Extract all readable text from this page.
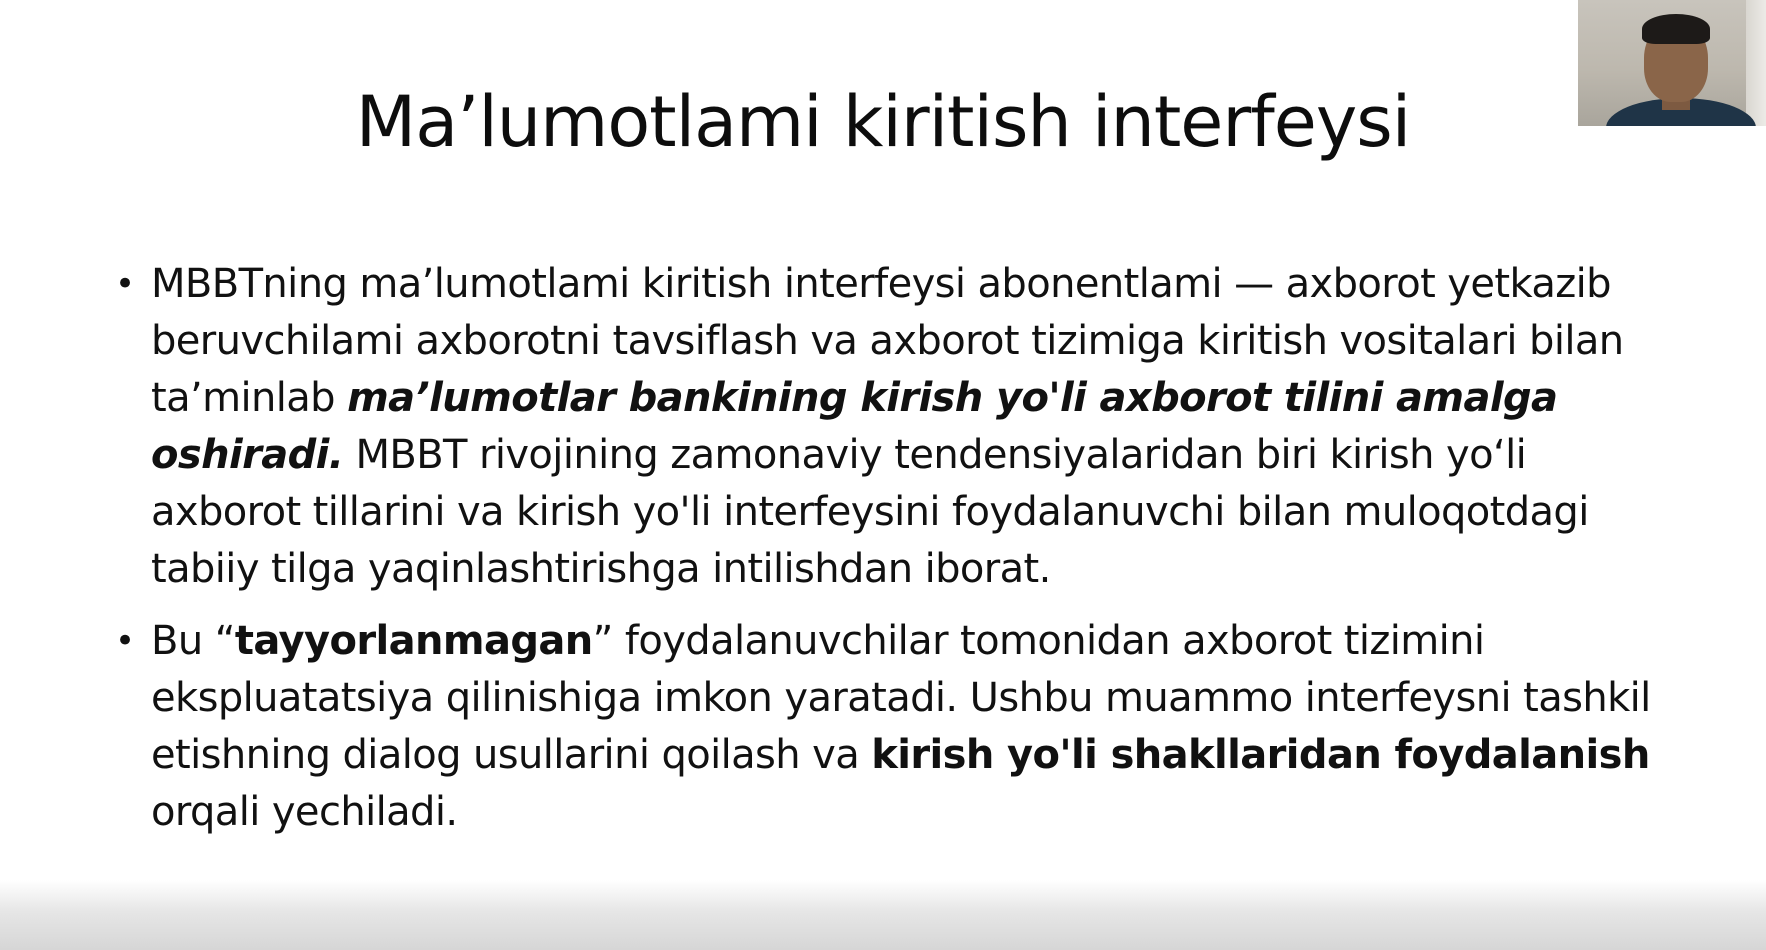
Ma’lumotlami kiritish interfeysi
• MBBTning ma’lumotlami kiritish interfeysi abonentlami — axborot yetkazib beruvchilami axborotni tavsiflash va axborot tizimiga kiritish vositalari bilan ta’minlab ma’lumotlar bankining kirish yo'li axborot tilini amalga oshiradi. MBBT rivojining zamonaviy tendensiyalaridan biri kirish yo‘li axborot tillarini va kirish yo'li interfeysini foydalanuvchi bilan muloqotdagi tabiiy tilga yaqinlashtirishga intilishdan iborat.
• Bu “tayyorlanmagan” foydalanuvchilar tomonidan axborot tizimini ekspluatatsiya qilinishiga imkon yaratadi. Ushbu muammo interfeysni tashkil etishning dialog usullarini qoilash va kirish yo'li shakllaridan foydalanish orqali yechiladi.
